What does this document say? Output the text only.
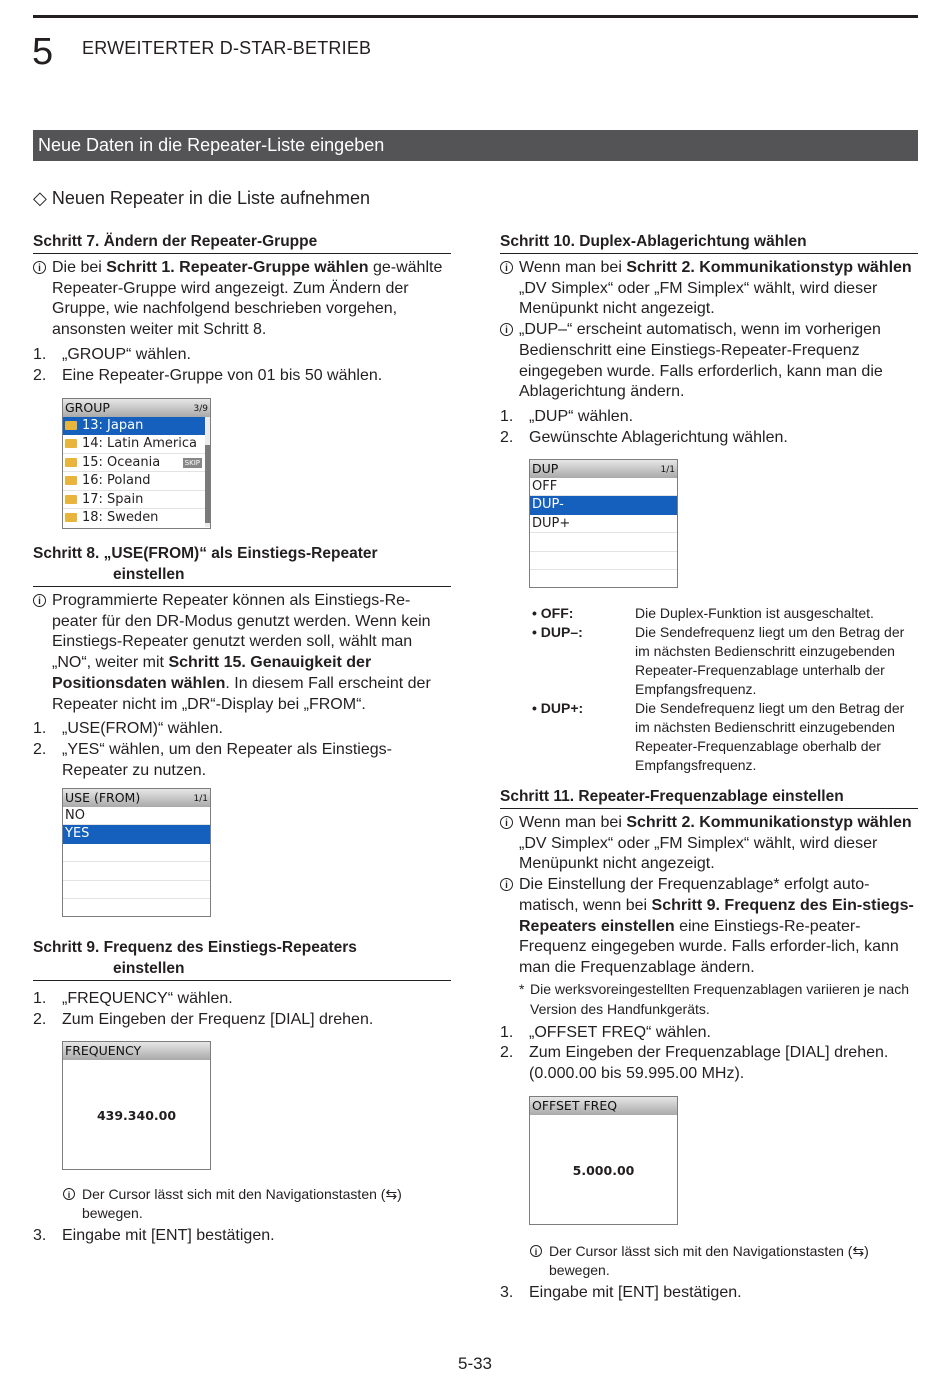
5 ERWEITERTER D-STAR-BETRIEB
Neue Daten in die Repeater-Liste eingeben
◇ Neuen Repeater in die Liste aufnehmen
Schritt 7. Ändern der Repeater-Gruppe
i Die bei Schritt 1. Repeater-Gruppe wählen ge-wählte Repeater-Gruppe wird angezeigt. Zum Ändern der Gruppe, wie nachfolgend beschrieben vorgehen, ansonsten weiter mit Schritt 8.
1. „GROUP“ wählen.
2. Eine Repeater-Gruppe von 01 bis 50 wählen.
GROUP	3/9
13: Japan
14: Latin America
15: Oceania	SKIP
16: Poland
17: Spain
18: Sweden
Schritt 8. „USE(FROM)“ als Einstiegs-Repeater
einstellen
i Programmierte Repeater können als Einstiegs-Re-peater für den DR-Modus genutzt werden. Wenn kein Einstiegs-Repeater genutzt werden soll, wählt man „NO“, weiter mit Schritt 15. Genauigkeit der Positionsdaten wählen. In diesem Fall erscheint der Repeater nicht im „DR“-Display bei „FROM“.
1. „USE(FROM)“ wählen.
2. „YES“ wählen, um den Repeater als Einstiegs-Repeater zu nutzen.
USE (FROM)	1/1
NO
YES
Schritt 9. Frequenz des Einstiegs-Repeaters
einstellen
1. „FREQUENCY“ wählen.
2. Zum Eingeben der Frequenz [DIAL] drehen.
FREQUENCY
439.340.00
i Der Cursor lässt sich mit den Navigationstasten (⇆) bewegen.
3. Eingabe mit [ENT] bestätigen.
Schritt 10. Duplex-Ablagerichtung wählen
i Wenn man bei Schritt 2. Kommunikationstyp wählen „DV Simplex“ oder „FM Simplex“ wählt, wird dieser Menüpunkt nicht angezeigt.
i „DUP–“ erscheint automatisch, wenn im vorherigen Bedienschritt eine Einstiegs-Repeater-Frequenz eingegeben wurde. Falls erforderlich, kann man die Ablagerichtung ändern.
1. „DUP“ wählen.
2. Gewünschte Ablagerichtung wählen.
DUP	1/1
OFF
DUP-
DUP+
• OFF:	Die Duplex-Funktion ist ausgeschaltet.
• DUP–:	Die Sendefrequenz liegt um den Betrag der im nächsten Bedienschritt einzugebenden Repeater-Frequenzablage unterhalb der Empfangsfrequenz.
• DUP+:	Die Sendefrequenz liegt um den Betrag der im nächsten Bedienschritt einzugebenden Repeater-Frequenzablage oberhalb der Empfangsfrequenz.
Schritt 11. Repeater-Frequenzablage einstellen
i Wenn man bei Schritt 2. Kommunikationstyp wählen „DV Simplex“ oder „FM Simplex“ wählt, wird dieser Menüpunkt nicht angezeigt.
i Die Einstellung der Frequenzablage* erfolgt auto-matisch, wenn bei Schritt 9. Frequenz des Ein-stiegs-Repeaters einstellen eine Einstiegs-Re-peater-Frequenz eingegeben wurde. Falls erforder-lich, kann man die Frequenzablage ändern.
* Die werksvoreingestellten Frequenzablagen variieren je nach Version des Handfunkgeräts.
1. „OFFSET FREQ“ wählen.
2. Zum Eingeben der Frequenzablage [DIAL] drehen. (0.000.00 bis 59.995.00 MHz).
OFFSET FREQ
5.000.00
i Der Cursor lässt sich mit den Navigationstasten (⇆) bewegen.
3. Eingabe mit [ENT] bestätigen.
5-33
